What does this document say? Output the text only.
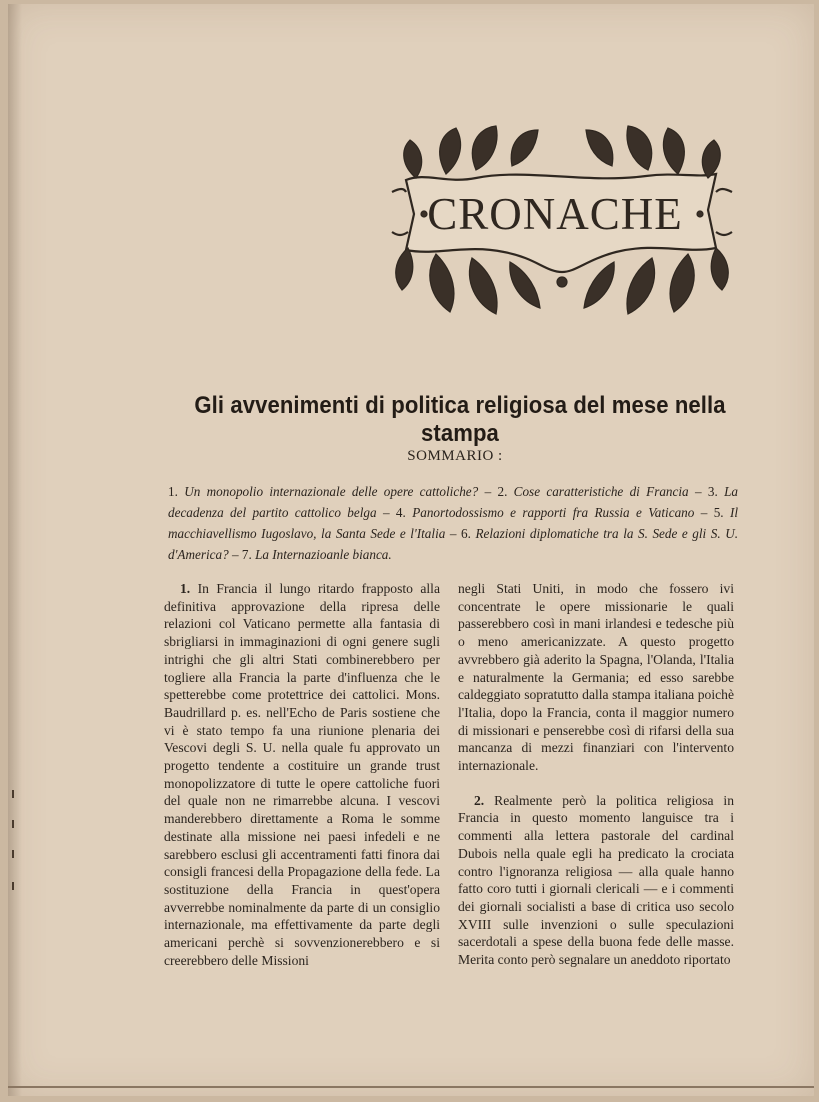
CRONACHE
Gli avvenimenti di politica religiosa del mese nella stampa
SOMMARIO :
1. Un monopolio internazionale delle opere cattoliche? – 2. Cose caratteristiche di Francia – 3. La decadenza del partito cattolico belga – 4. Panortodossismo e rapporti fra Russia e Vaticano – 5. Il macchiavellismo Iugoslavo, la Santa Sede e l'Italia – 6. Relazioni diplomatiche tra la S. Sede e gli S. U. d'America? – 7. La Internazioanle bianca.

1. In Francia il lungo ritardo frapposto alla definitiva approvazione della ripresa delle relazioni col Vaticano permette alla fantasia di sbrigliarsi in immaginazioni di ogni genere sugli intrighi che gli altri Stati combinerebbero per togliere alla Francia la parte d'influenza che le spetterebbe come protettrice dei cattolici. Mons. Baudrillard p. es. nell'Echo de Paris sostiene che vi è stato tempo fa una riunione plenaria dei Vescovi degli S. U. nella quale fu approvato un progetto tendente a costituire un grande trust monopolizzatore di tutte le opere cattoliche fuori del quale non ne rimarrebbe alcuna. I vescovi manderebbero direttamente a Roma le somme destinate alla missione nei paesi infedeli e ne sarebbero esclusi gli accentramenti fatti finora dai consigli francesi della Propagazione della fede. La sostituzione della Francia in quest'opera avverrebbe nominalmente da parte di un consiglio internazionale, ma effettivamente da parte degli americani perchè si sovvenzionerebbero e si creerebbero delle Missioni

negli Stati Uniti, in modo che fossero ivi concentrate le opere missionarie le quali passerebbero così in mani irlandesi e tedesche più o meno americanizzate. A questo progetto avvrebbero già aderito la Spagna, l'Olanda, l'Italia e naturalmente la Germania; ed esso sarebbe caldeggiato sopratutto dalla stampa italiana poichè l'Italia, dopo la Francia, conta il maggior numero di missionari e penserebbe così di rifarsi della sua mancanza di mezzi finanziari con l'intervento internazionale.

2. Realmente però la politica religiosa in Francia in questo momento languisce tra i commenti alla lettera pastorale del cardinal Dubois nella quale egli ha predicato la crociata contro l'ignoranza religiosa — alla quale hanno fatto coro tutti i giornali clericali — e i commenti dei giornali socialisti a base di critica uso secolo XVIII sulle invenzioni o sulle speculazioni sacerdotali a spese della buona fede delle masse. Merita conto però segnalare un aneddoto riportato
